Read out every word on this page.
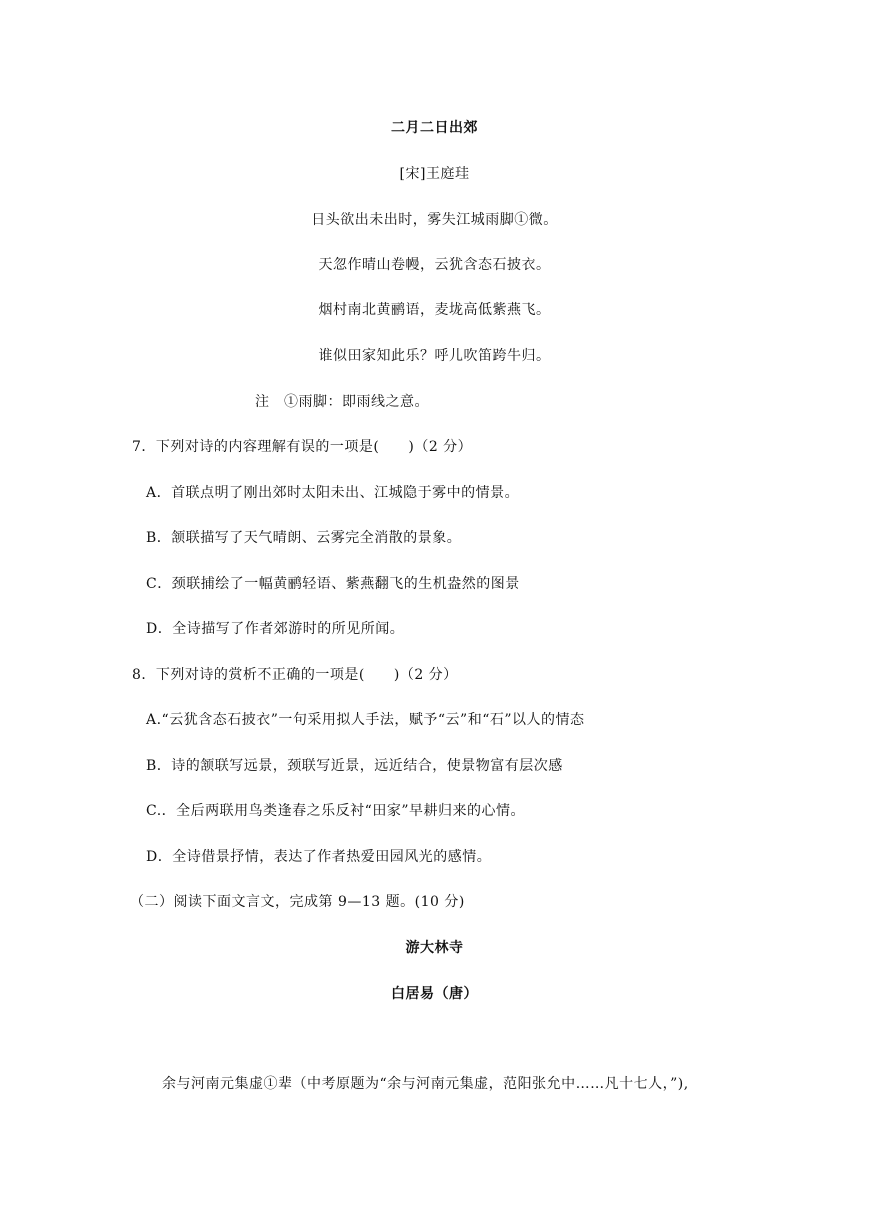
二月二日出郊
[宋]王庭珪
日头欲出未出时，雾失江城雨脚①微。
天忽作晴山卷幔，云犹含态石披衣。
烟村南北黄鹂语，麦垅高低紫燕飞。
谁似田家知此乐？呼儿吹笛跨牛归。
注　①雨脚：即雨线之意。
7．下列对诗的内容理解有误的一项是(　　)（2 分）
A．首联点明了刚出郊时太阳未出、江城隐于雾中的情景。
B．颔联描写了天气晴朗、云雾完全消散的景象。
C．颈联捕绘了一幅黄鹂轻语、紫燕翻飞的生机盎然的图景
D．全诗描写了作者郊游时的所见所闻。
8．下列对诗的赏析不正确的一项是(　　)（2 分）
A.“云犹含态石披衣”一句采用拟人手法，赋予“云”和“石”以人的情态
B．诗的颔联写远景，颈联写近景，远近结合，使景物富有层次感
C.．全后两联用鸟类逢春之乐反衬“田家”早耕归来的心情。
D．全诗借景抒情，表达了作者热爱田园风光的感情。
（二）阅读下面文言文，完成第 9—13 题。(10 分)
游大林寺
白居易（唐）
余与河南元集虚①辈（中考原题为“余与河南元集虚，范阳张允中……凡十七人，”),
